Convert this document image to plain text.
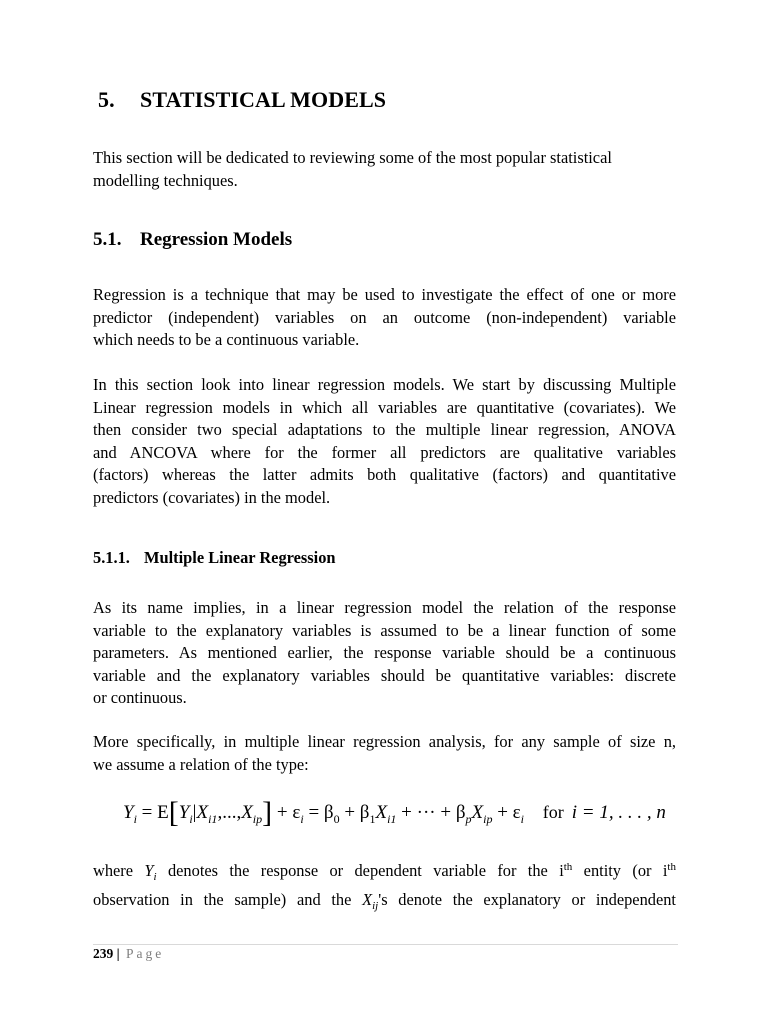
5. STATISTICAL MODELS
This section will be dedicated to reviewing some of the most popular statistical
modelling techniques.
5.1. Regression Models
Regression is a technique that may be used to investigate the effect of one or more
predictor (independent) variables on an outcome (non-independent) variable
which needs to be a continuous variable.
In this section look into linear regression models. We start by discussing Multiple
Linear regression models in which all variables are quantitative (covariates). We
then consider two special adaptations to the multiple linear regression, ANOVA
and ANCOVA where for the former all predictors are qualitative variables
(factors) whereas the latter admits both qualitative (factors) and quantitative
predictors (covariates) in the model.
5.1.1. Multiple Linear Regression
As its name implies, in a linear regression model the relation of the response
variable to the explanatory variables is assumed to be a linear function of some
parameters. As mentioned earlier, the response variable should be a continuous
variable and the explanatory variables should be quantitative variables: discrete
or continuous.
More specifically, in multiple linear regression analysis, for any sample of size n,
we assume a relation of the type:
$Y_i = E[Y_i|X_{i1},...,X_{ip}] + \varepsilon_i = \beta_0 + \beta_1X_{i1}$ + ··· + $\beta_pX_{ip} + \varepsilon_i$ for i = 1, . . . , n
where $Y_i$ denotes the response or dependent variable for the $i^{th}$ entity (or $i^{th}$
observation in the sample) and the $X_{ij}'s$ denote the explanatory or independent
239 | Page
